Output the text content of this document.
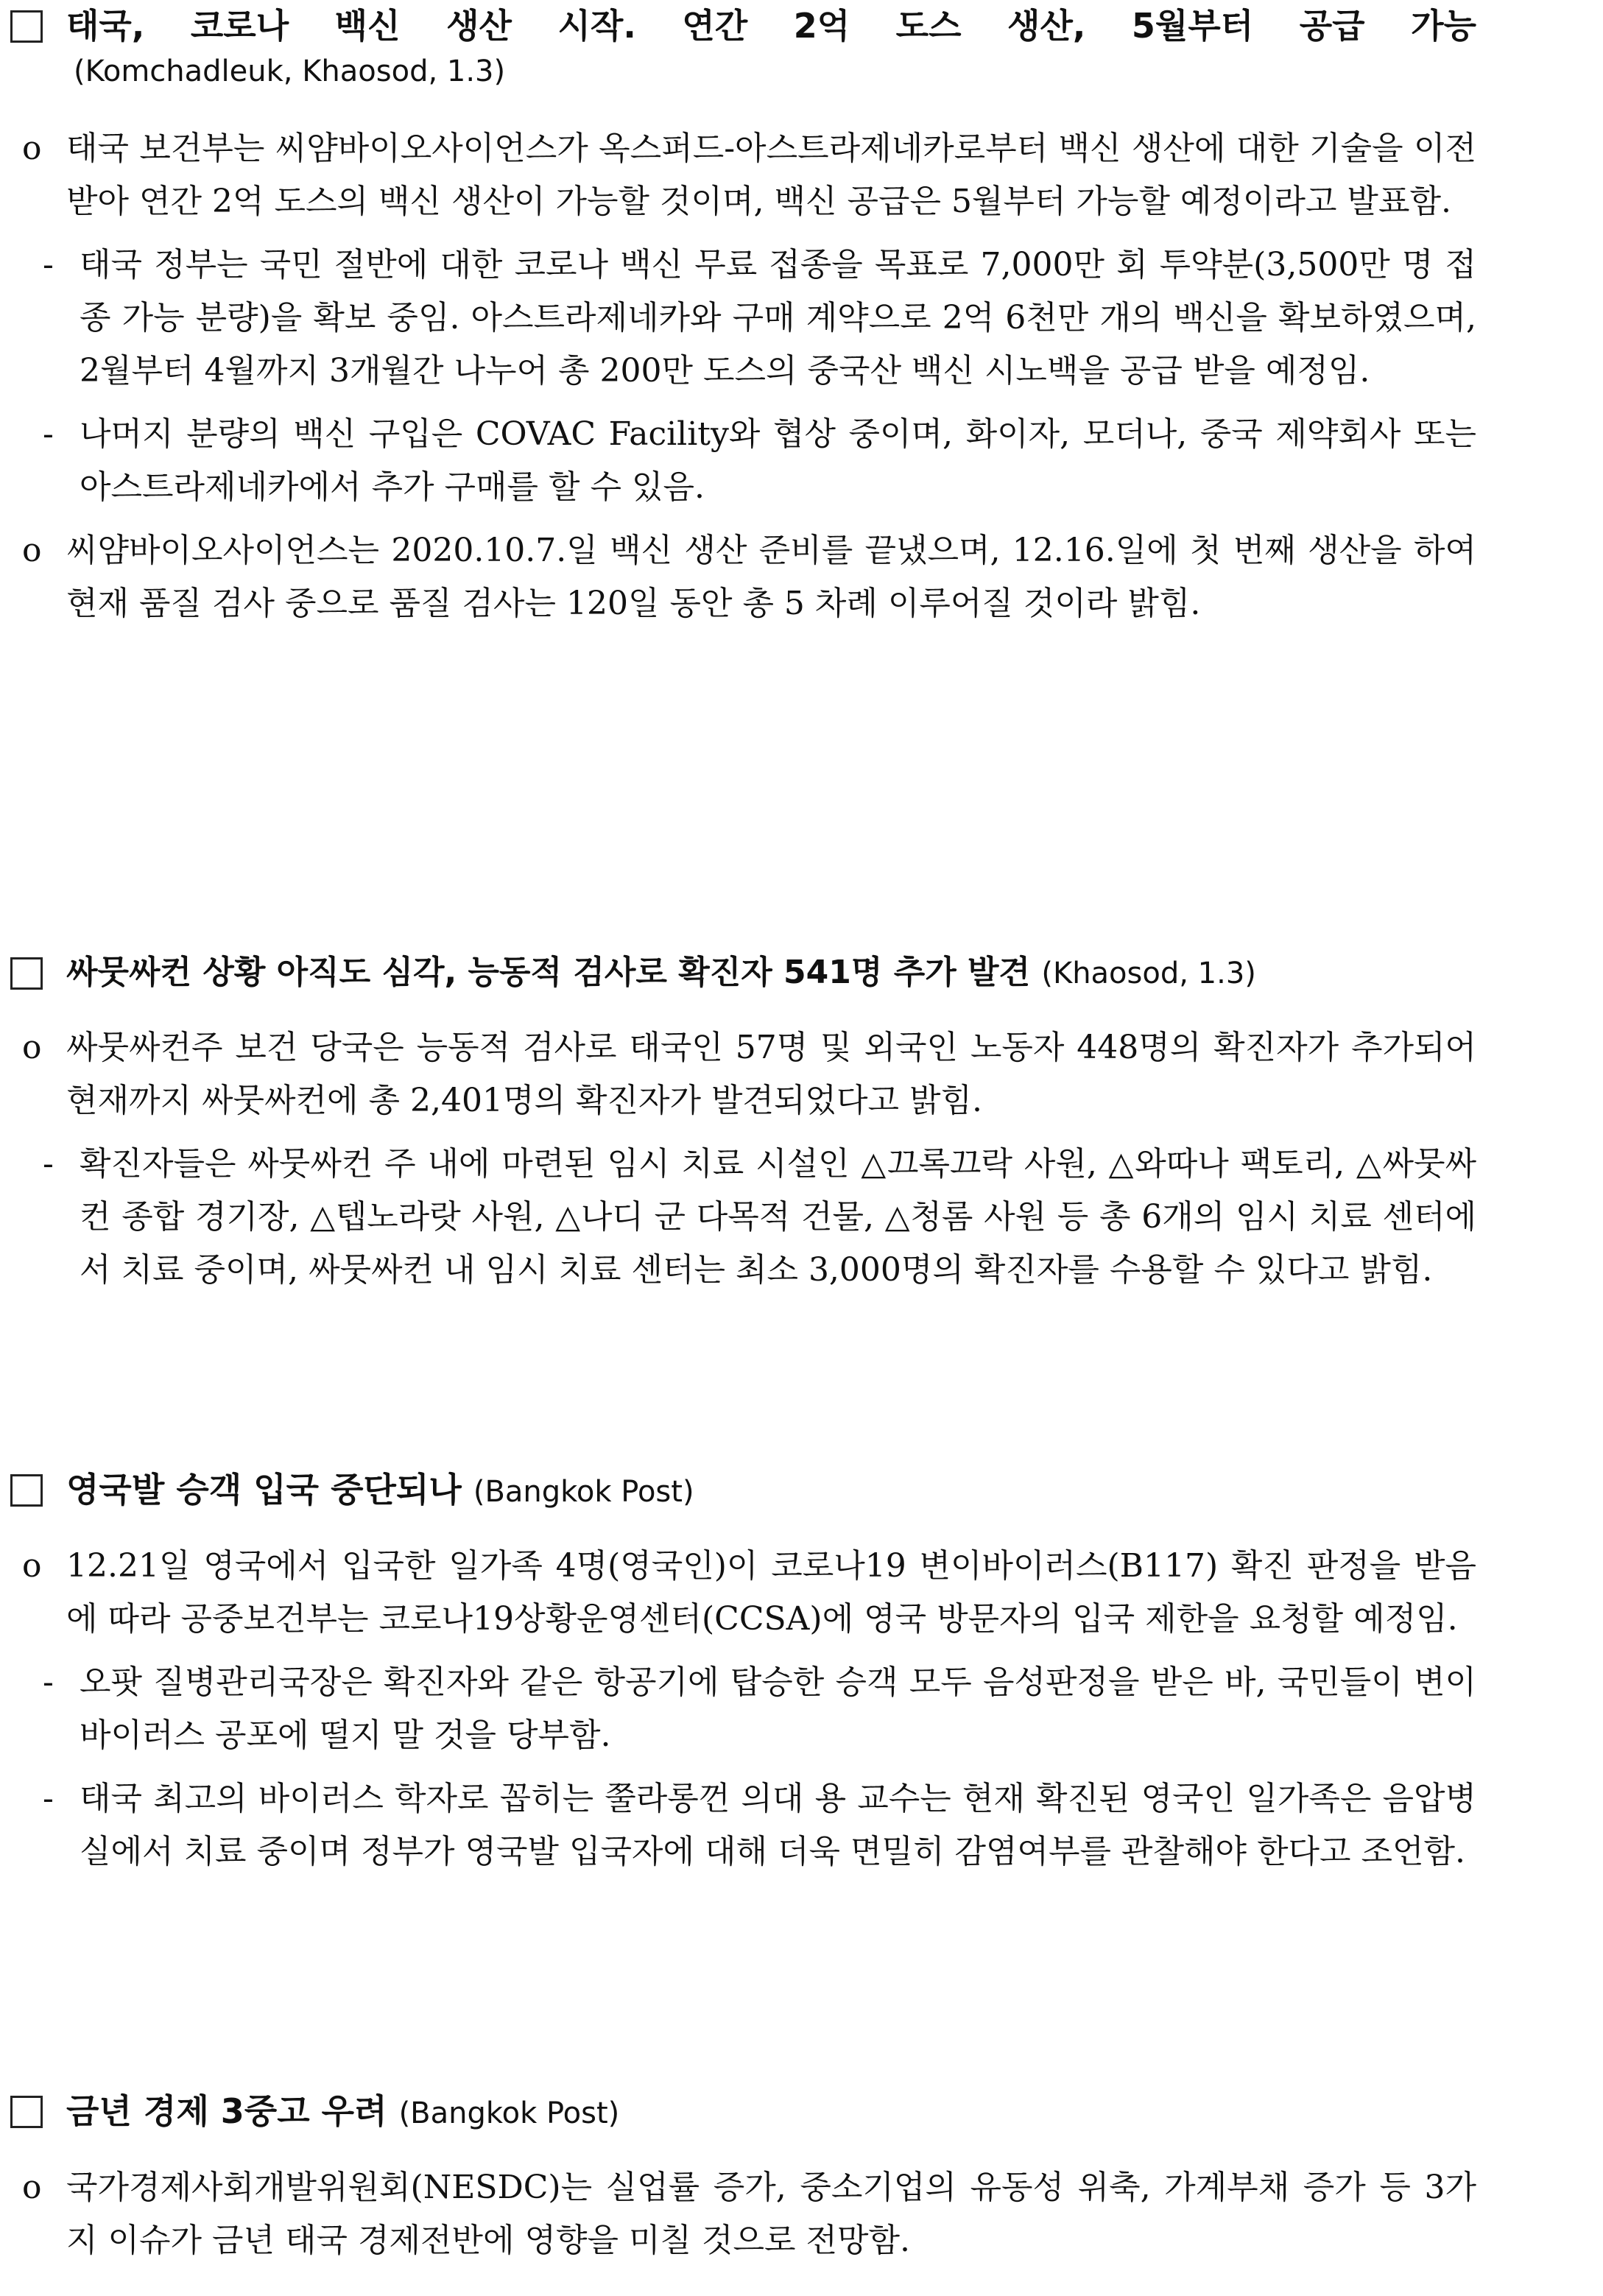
태국, 코로나 백신 생산 시작. 연간 2억 도스 생산, 5월부터 공급 가능
(Komchadleuk, Khaosod, 1.3)
o 태국 보건부는 씨얌바이오사이언스가 옥스퍼드-아스트라제네카로부터 백신 생산에 대한 기술을 이전 받아 연간 2억 도스의 백신 생산이 가능할 것이며, 백신 공급은 5월부터 가능할 예정이라고 발표함.
- 태국 정부는 국민 절반에 대한 코로나 백신 무료 접종을 목표로 7,000만 회 투약분(3,500만 명 접종 가능 분량)을 확보 중임. 아스트라제네카와 구매 계약으로 2억 6천만 개의 백신을 확보하였으며, 2월부터 4월까지 3개월간 나누어 총 200만 도스의 중국산 백신 시노백을 공급 받을 예정임.
- 나머지 분량의 백신 구입은 COVAC Facility와 협상 중이며, 화이자, 모더나, 중국 제약회사 또는 아스트라제네카에서 추가 구매를 할 수 있음.
o 씨얌바이오사이언스는 2020.10.7.일 백신 생산 준비를 끝냈으며, 12.16.일에 첫 번째 생산을 하여 현재 품질 검사 중으로 품질 검사는 120일 동안 총 5 차례 이루어질 것이라 밝힘.
싸뭇싸컨 상황 아직도 심각, 능동적 검사로 확진자 541명 추가 발견 (Khaosod, 1.3)
o 싸뭇싸컨주 보건 당국은 능동적 검사로 태국인 57명 및 외국인 노동자 448명의 확진자가 추가되어 현재까지 싸뭇싸컨에 총 2,401명의 확진자가 발견되었다고 밝힘.
- 확진자들은 싸뭇싸컨 주 내에 마련된 임시 치료 시설인 △끄록끄락 사원, △와따나 팩토리, △싸뭇싸컨 종합 경기장, △텝노라랏 사원, △나디 군 다목적 건물, △청롬 사원 등 총 6개의 임시 치료 센터에서 치료 중이며, 싸뭇싸컨 내 임시 치료 센터는 최소 3,000명의 확진자를 수용할 수 있다고 밝힘.
영국발 승객 입국 중단되나 (Bangkok Post)
o 12.21일 영국에서 입국한 일가족 4명(영국인)이 코로나19 변이바이러스(B117) 확진 판정을 받음에 따라 공중보건부는 코로나19상황운영센터(CCSA)에 영국 방문자의 입국 제한을 요청할 예정임.
- 오팟 질병관리국장은 확진자와 같은 항공기에 탑승한 승객 모두 음성판정을 받은 바, 국민들이 변이바이러스 공포에 떨지 말 것을 당부함.
- 태국 최고의 바이러스 학자로 꼽히는 쭐라롱껀 의대 용 교수는 현재 확진된 영국인 일가족은 음압병실에서 치료 중이며 정부가 영국발 입국자에 대해 더욱 면밀히 감염여부를 관찰해야 한다고 조언함.
금년 경제 3중고 우려 (Bangkok Post)
o 국가경제사회개발위원회(NESDC)는 실업률 증가, 중소기업의 유동성 위축, 가계부채 증가 등 3가지 이슈가 금년 태국 경제전반에 영향을 미칠 것으로 전망함.
